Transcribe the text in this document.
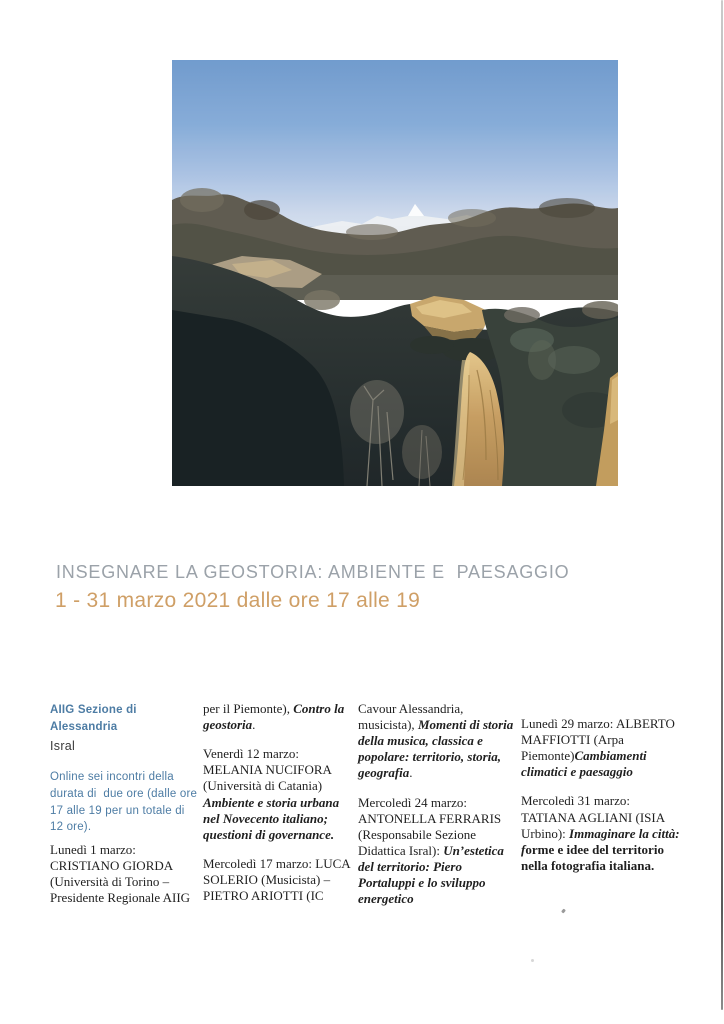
INSEGNARE LA GEOSTORIA: AMBIENTE E  PAESAGGIO
1 - 31 marzo 2021 dalle ore 17 alle 19

AIIG Sezione di Alessandria

Isral

Online sei incontri della durata di  due ore (dalle ore 17 alle 19 per un totale di 12 ore).

Lunedì 1 marzo: CRISTIANO GIORDA (Università di Torino – Presidente Regionale AIIG

per il Piemonte), Contro la geostoria.

Venerdì 12 marzo: MELANIA NUCIFORA (Università di Catania) Ambiente e storia urbana nel Novecento italiano; questioni di governance.

Mercoledì 17 marzo: LUCA SOLERIO (Musicista) – PIETRO ARIOTTI (IC

Cavour Alessandria, musicista), Momenti di storia della musica, classica e popolare: territorio, storia, geografia.

Mercoledì 24 marzo: ANTONELLA FERRARIS (Responsabile Sezione Didattica Isral): Un’estetica del territorio: Piero Portaluppi e lo sviluppo energetico

Lunedì 29 marzo: ALBERTO MAFFIOTTI (Arpa Piemonte)Cambiamenti climatici e paesaggio

Mercoledì 31 marzo: TATIANA AGLIANI (ISIA Urbino): Immaginare la città: forme e idee del territorio nella fotografia italiana.
